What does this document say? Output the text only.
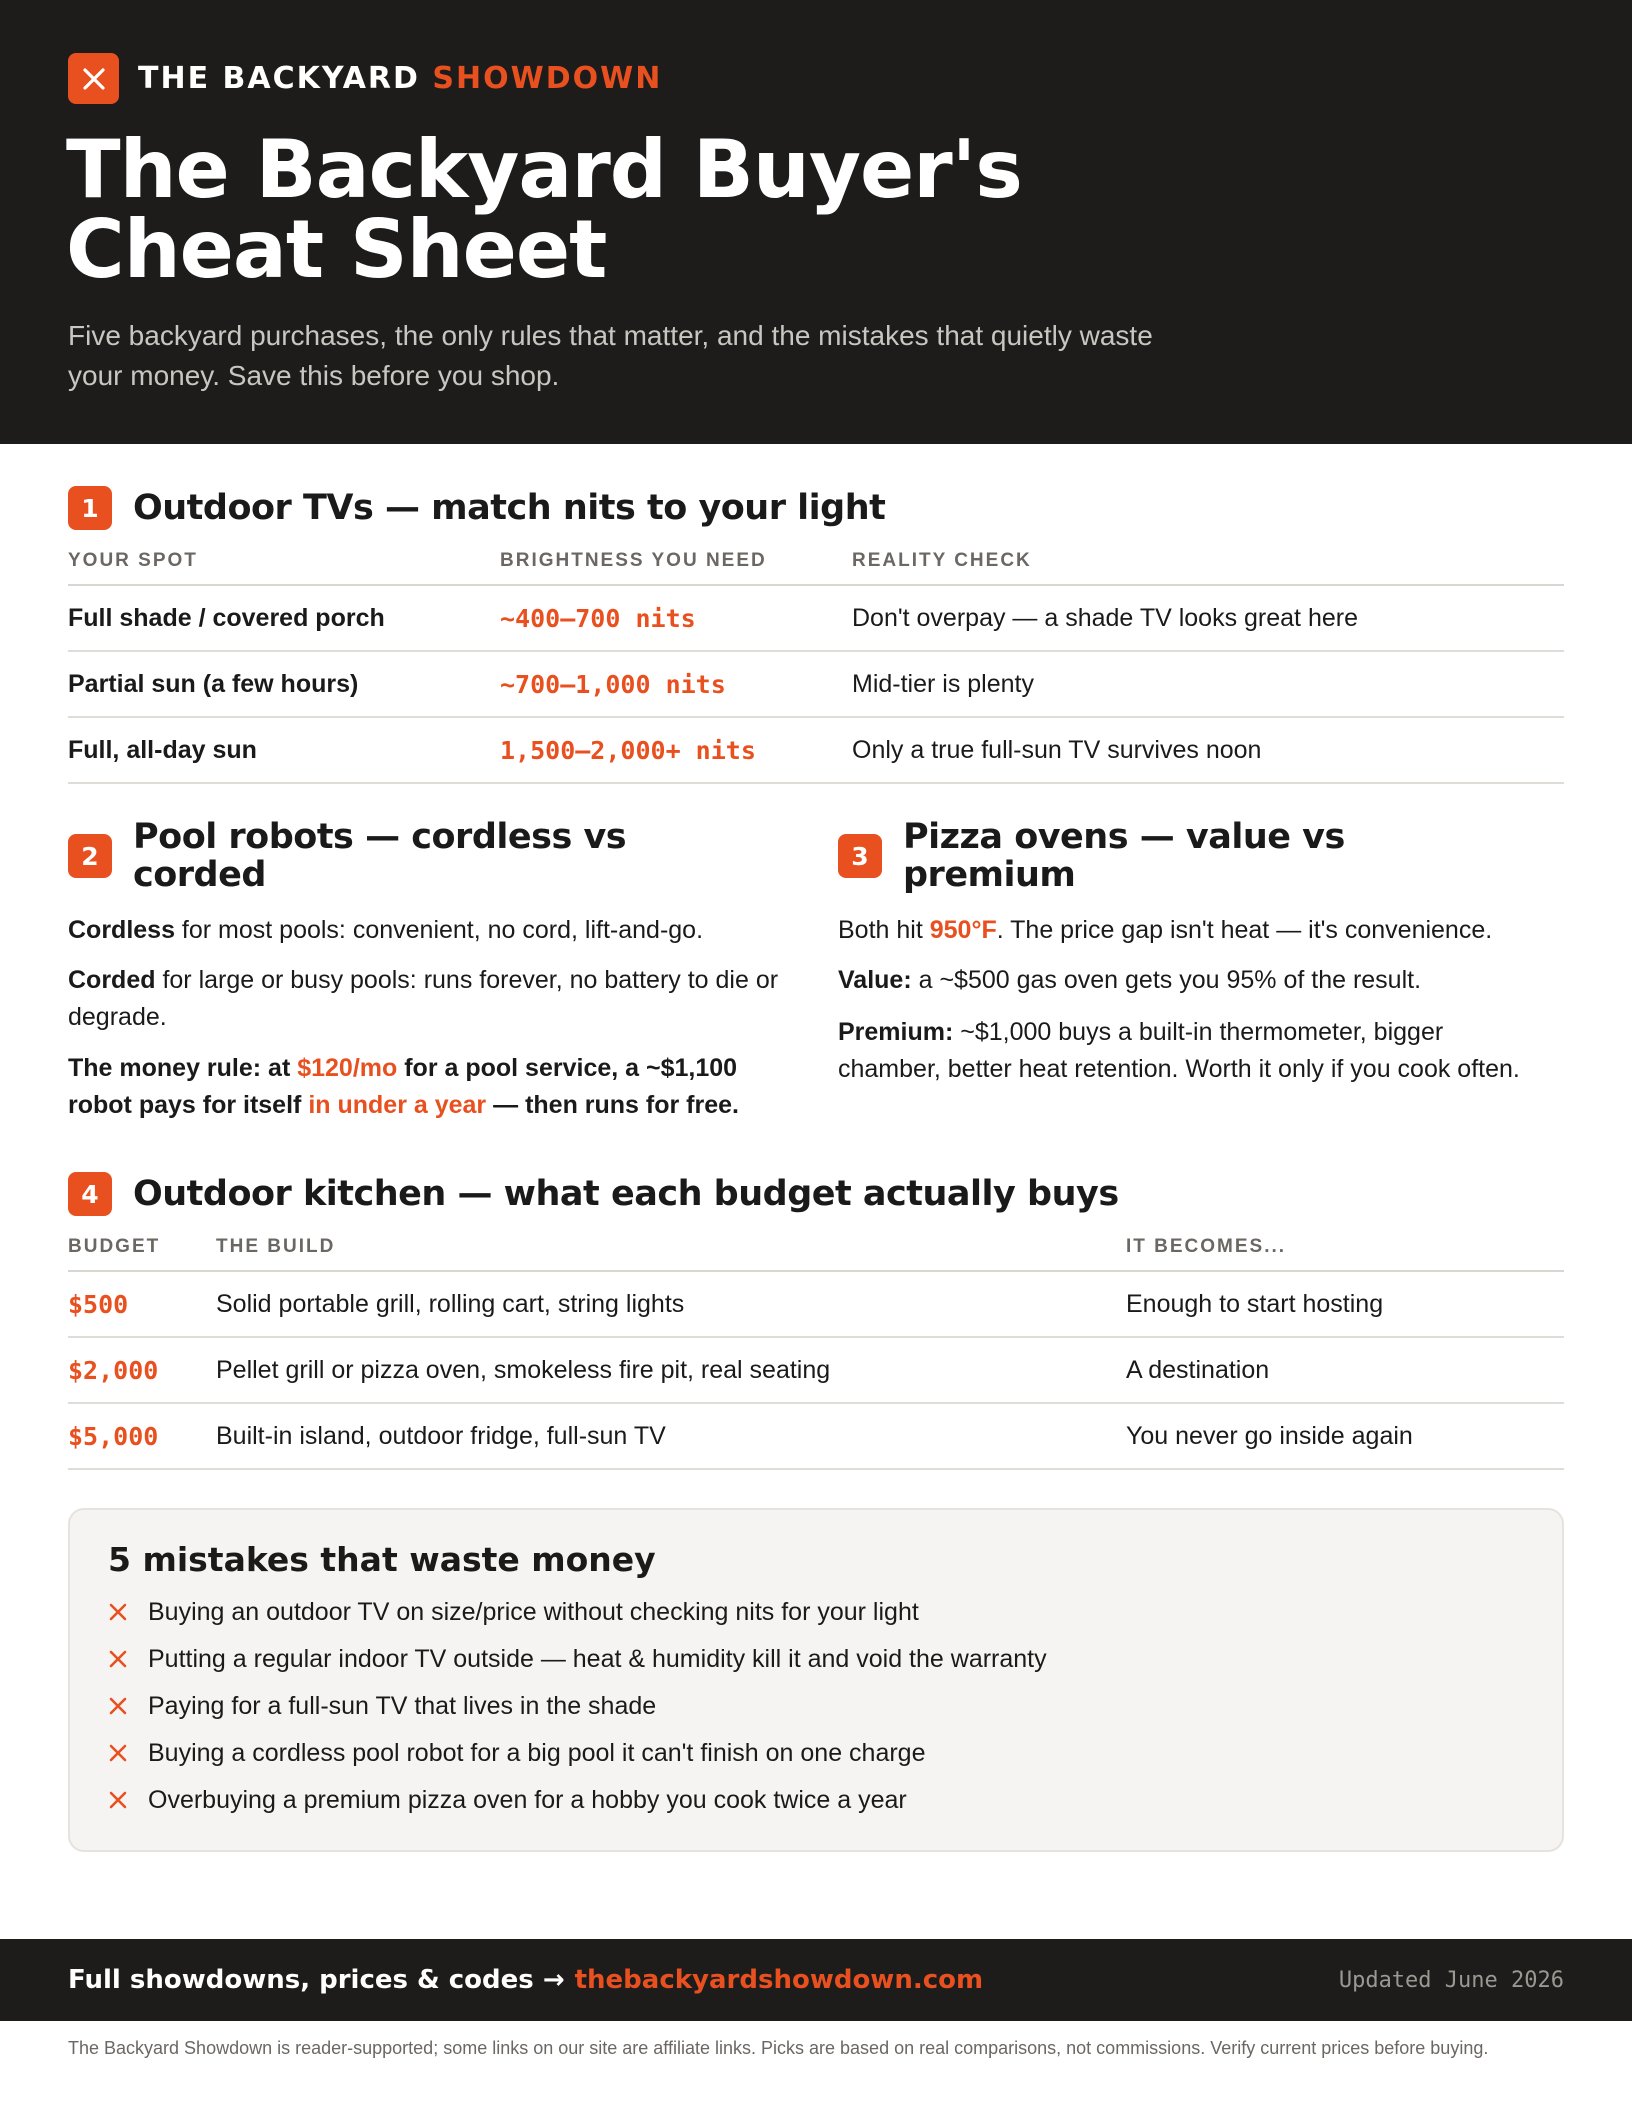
THE BACKYARD SHOWDOWN
The Backyard Buyer's
Cheat Sheet

Five backyard purchases, the only rules that matter, and the mistakes that quietly waste your money. Save this before you shop.

1 Outdoor TVs — match nits to your light
YOUR SPOT	BRIGHTNESS YOU NEED	REALITY CHECK
Full shade / covered porch	~400–700 nits	Don't overpay — a shade TV looks great here
Partial sun (a few hours)	~700–1,000 nits	Mid-tier is plenty
Full, all-day sun	1,500–2,000+ nits	Only a true full-sun TV survives noon
2 Pool robots — cordless vs corded

Cordless for most pools: convenient, no cord, lift-and-go.

Corded for large or busy pools: runs forever, no battery to die or degrade.

The money rule: at $120/mo for a pool service, a ~$1,100 robot pays for itself in under a year — then runs for free.

3 Pizza ovens — value vs premium

Both hit 950°F. The price gap isn't heat — it's convenience.

Value: a ~$500 gas oven gets you 95% of the result.

Premium: ~$1,000 buys a built-in thermometer, bigger chamber, better heat retention. Worth it only if you cook often.

4 Outdoor kitchen — what each budget actually buys
BUDGET	THE BUILD	IT BECOMES...
$500	Solid portable grill, rolling cart, string lights	Enough to start hosting
$2,000 Pellet grill or pizza oven, smokeless fire pit, real seating	A destination
$5,000 Built-in island, outdoor fridge, full-sun TV	You never go inside again
5 mistakes that waste money
Buying an outdoor TV on size/price without checking nits for your light
Putting a regular indoor TV outside — heat & humidity kill it and void the warranty
Paying for a full-sun TV that lives in the shade
Buying a cordless pool robot for a big pool it can't finish on one charge
Overbuying a premium pizza oven for a hobby you cook twice a year
Full showdowns, prices & codes → thebackyardshowdown.com	Updated June 2026

The Backyard Showdown is reader-supported; some links on our site are affiliate links. Picks are based on real comparisons, not commissions. Verify current prices before buying.
